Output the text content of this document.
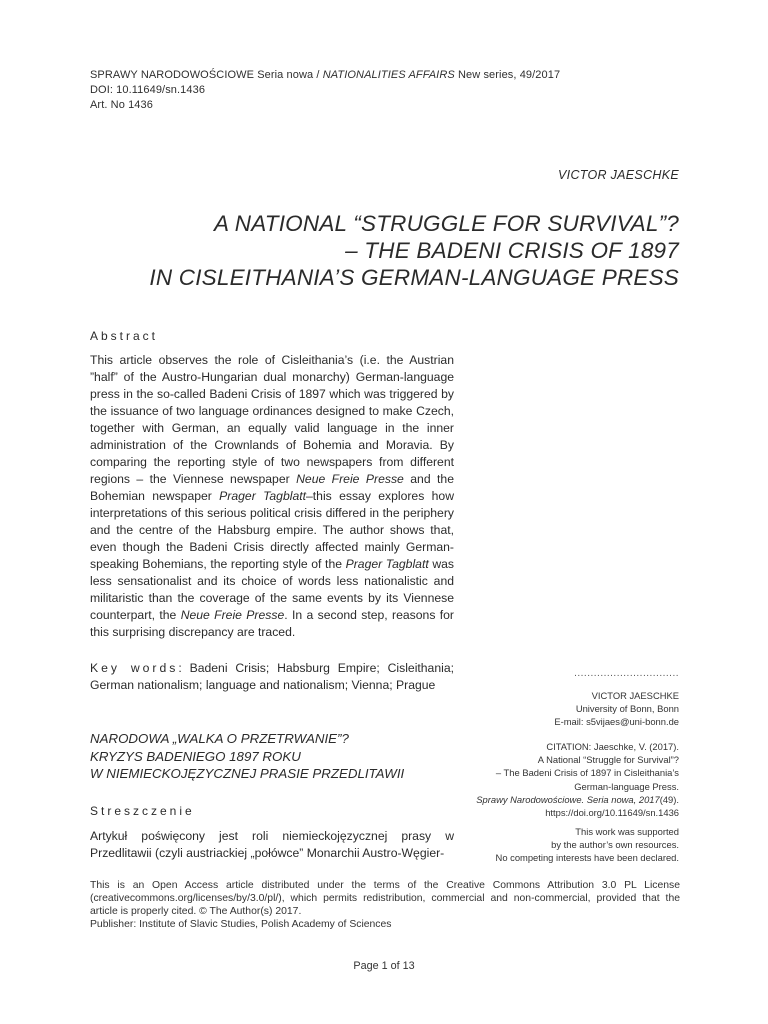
SPRAWY NARODOWOŚCIOWE Seria nowa / NATIONALITIES AFFAIRS New series, 49/2017
DOI: 10.11649/sn.1436
Art. No 1436
VICTOR JAESCHKE
A NATIONAL “STRUGGLE FOR SURVIVAL”?
– THE BADENI CRISIS OF 1897
IN CISLEITHANIA’S GERMAN-LANGUAGE PRESS
Abstract
This article observes the role of Cisleithania’s (i.e. the Austrian ”half” of the Austro-Hungarian dual monarchy) German-language press in the so-called Badeni Crisis of 1897 which was triggered by the issuance of two language ordinances designed to make Czech, together with German, an equally valid language in the inner administration of the Crownlands of Bohemia and Moravia. By comparing the reporting style of two newspapers from different regions – the Viennese newspaper Neue Freie Presse and the Bohemian newspaper Prager Tagblatt–this essay explores how interpretations of this serious political crisis differed in the periphery and the centre of the Habsburg empire. The author shows that, even though the Badeni Crisis directly affected mainly German-speaking Bohemians, the reporting style of the Prager Tagblatt was less sensationalist and its choice of words less nationalistic and militaristic than the coverage of the same events by its Viennese counterpart, the Neue Freie Presse. In a second step, reasons for this surprising discrepancy are traced.
Key words: Badeni Crisis; Habsburg Empire; Cisleithania; German nationalism; language and nationalism; Vienna; Prague
NARODOWA „WALKA O PRZETRWANIE”?
KRYZYS BADENIEGO 1897 ROKU
W NIEMIECKOJĘZYCZNEJ PRASIE PRZEDLITAWII
Streszczenie
Artykuł poświęcony jest roli niemieckojęzycznej prasy w Przedlitawii (czyli austriackiej „połówce” Monarchii Austro-Węgier-
................................
VICTOR JAESCHKE
University of Bonn, Bonn
E-mail: s5vijaes@uni-bonn.de
CITATION: Jaeschke, V. (2017).
A National “Struggle for Survival”?
– The Badeni Crisis of 1897 in Cisleithania’s
German-language Press.
Sprawy Narodowościowe. Seria nowa, 2017(49).
https://doi.org/10.11649/sn.1436
This work was supported
by the author’s own resources.
No competing interests have been declared.
This is an Open Access article distributed under the terms of the Creative Commons Attribution 3.0 PL License (creativecommons.org/licenses/by/3.0/pl/), which permits redistribution, commercial and non-commercial, provided that the article is properly cited. © The Author(s) 2017.
Publisher: Institute of Slavic Studies, Polish Academy of Sciences
Page 1 of 13
